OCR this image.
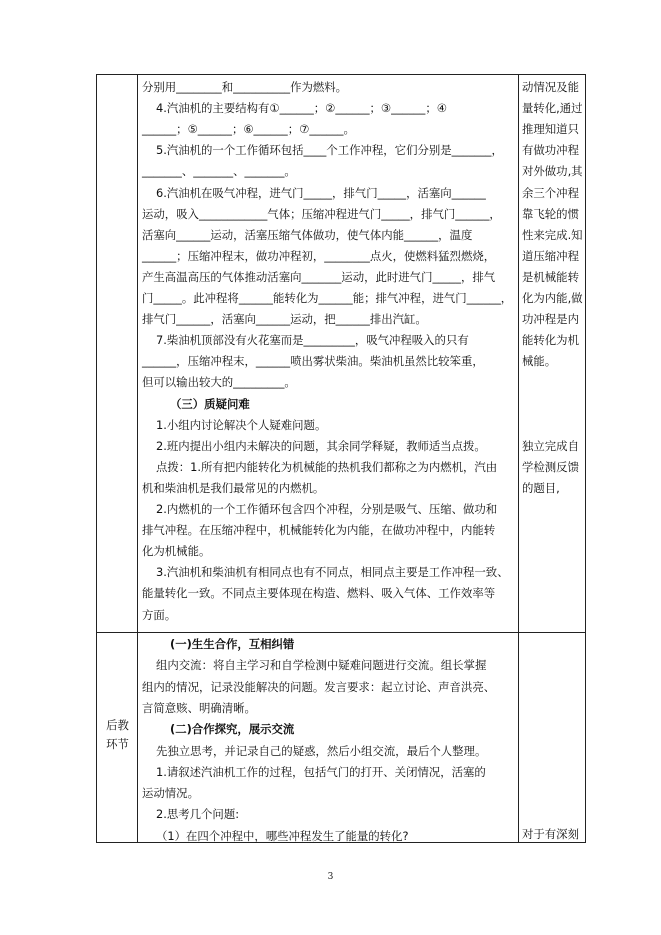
分别用________和__________作为燃料。
4.汽油机的主要结构有①______；②______；③______；④
______；⑤______；⑥______；⑦______。
5.汽油机的一个工作循环包括____个工作冲程，它们分别是_______，
_______、_______、_______。
6.汽油机在吸气冲程，进气门_____，排气门_____，活塞向______
运动，吸入____________气体；压缩冲程进气门_____，排气门______，
活塞向______运动，活塞压缩气体做功，使气体内能______，温度
______；压缩冲程末，做功冲程初，________点火，使燃料猛烈燃烧，
产生高温高压的气体推动活塞向_______运动，此时进气门_____，排气
门_____。此冲程将______能转化为______能；排气冲程，进气门______，
排气门______，活塞向______运动，把______排出汽缸。
7.柴油机顶部没有火花塞而是_________，吸气冲程吸入的只有
______，压缩冲程末，______喷出雾状柴油。柴油机虽然比较笨重，
但可以输出较大的_________。
（三）质疑问难
1.小组内讨论解决个人疑难问题。
2.班内提出小组内未解决的问题，其余同学释疑，教师适当点拨。
点拨：1.所有把内能转化为机械能的热机我们都称之为内燃机，汽由
机和柴油机是我们最常见的内燃机。
2.内燃机的一个工作循环包含四个冲程，分别是吸气、压缩、做功和
排气冲程。在压缩冲程中，机械能转化为内能，在做功冲程中，内能转
化为机械能。
3.汽油机和柴油机有相同点也有不同点，相同点主要是工作冲程一致、
能量转化一致。不同点主要体现在构造、燃料、吸入气体、工作效率等
方面。
动情况及能
量转化,通过
推理知道只
有做功冲程
对外做功,其
余三个冲程
靠飞轮的惯
性来完成.知
道压缩冲程
是机械能转
化为内能,做
功冲程是内
能转化为机
械能。
独立完成自
学检测反馈
的题目,
后教
环节
(一)生生合作，互相纠错
组内交流：将自主学习和自学检测中疑难问题进行交流。组长掌握
组内的情况，记录没能解决的问题。发言要求：起立讨论、声音洪亮、
言简意赅、明确清晰。
(二)合作探究，展示交流
先独立思考，并记录自己的疑惑，然后小组交流，最后个人整理。
1.请叙述汽油机工作的过程，包括气门的打开、关闭情况，活塞的
运动情况。
2.思考几个问题:
（1）在四个冲程中，哪些冲程发生了能量的转化?	对于有深刻
3
